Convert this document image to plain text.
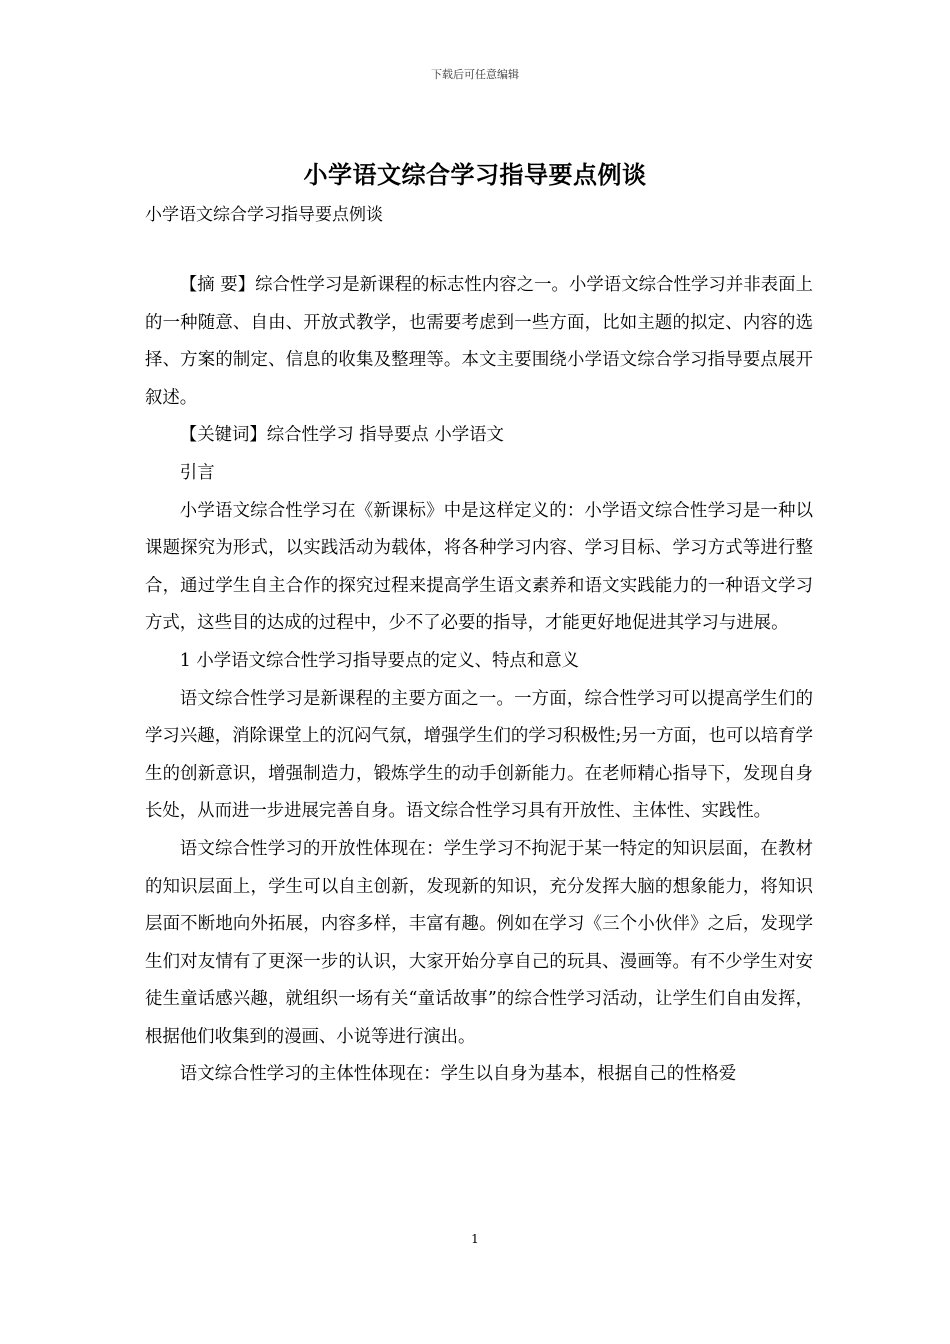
下载后可任意编辑
小学语文综合学习指导要点例谈
小学语文综合学习指导要点例谈

【摘 要】综合性学习是新课程的标志性内容之一。小学语文综合性学习并非表面上的一种随意、自由、开放式教学，也需要考虑到一些方面，比如主题的拟定、内容的选择、方案的制定、信息的收集及整理等。本文主要围绕小学语文综合学习指导要点展开叙述。

【关键词】综合性学习 指导要点 小学语文

引言

小学语文综合性学习在《新课标》中是这样定义的：小学语文综合性学习是一种以课题探究为形式，以实践活动为载体，将各种学习内容、学习目标、学习方式等进行整合，通过学生自主合作的探究过程来提高学生语文素养和语文实践能力的一种语文学习方式，这些目的达成的过程中，少不了必要的指导，才能更好地促进其学习与进展。

1 小学语文综合性学习指导要点的定义、特点和意义

语文综合性学习是新课程的主要方面之一。一方面，综合性学习可以提高学生们的学习兴趣，消除课堂上的沉闷气氛，增强学生们的学习积极性;另一方面，也可以培育学生的创新意识，增强制造力，锻炼学生的动手创新能力。在老师精心指导下，发现自身长处，从而进一步进展完善自身。语文综合性学习具有开放性、主体性、实践性。

语文综合性学习的开放性体现在：学生学习不拘泥于某一特定的知识层面，在教材的知识层面上，学生可以自主创新，发现新的知识，充分发挥大脑的想象能力，将知识层面不断地向外拓展，内容多样，丰富有趣。例如在学习《三个小伙伴》之后，发现学生们对友情有了更深一步的认识，大家开始分享自己的玩具、漫画等。有不少学生对安徒生童话感兴趣，就组织一场有关“童话故事”的综合性学习活动，让学生们自由发挥，根据他们收集到的漫画、小说等进行演出。

语文综合性学习的主体性体现在：学生以自身为基本，根据自己的性格爱

1
